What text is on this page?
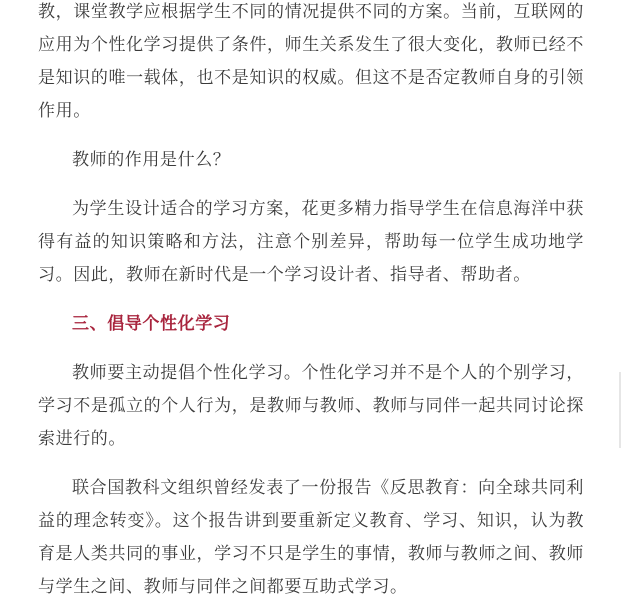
教，课堂教学应根据学生不同的情况提供不同的方案。当前，互联网的应用为个性化学习提供了条件，师生关系发生了很大变化，教师已经不是知识的唯一载体，也不是知识的权威。但这不是否定教师自身的引领作用。

教师的作用是什么？

为学生设计适合的学习方案，花更多精力指导学生在信息海洋中获得有益的知识策略和方法，注意个别差异，帮助每一位学生成功地学习。因此，教师在新时代是一个学习设计者、指导者、帮助者。

三、倡导个性化学习

教师要主动提倡个性化学习。个性化学习并不是个人的个别学习，学习不是孤立的个人行为，是教师与教师、教师与同伴一起共同讨论探索进行的。

联合国教科文组织曾经发表了一份报告《反思教育：向全球共同利益的理念转变》。这个报告讲到要重新定义教育、学习、知识，认为教育是人类共同的事业，学习不只是学生的事情，教师与教师之间、教师与学生之间、教师与同伴之间都要互助式学习。
